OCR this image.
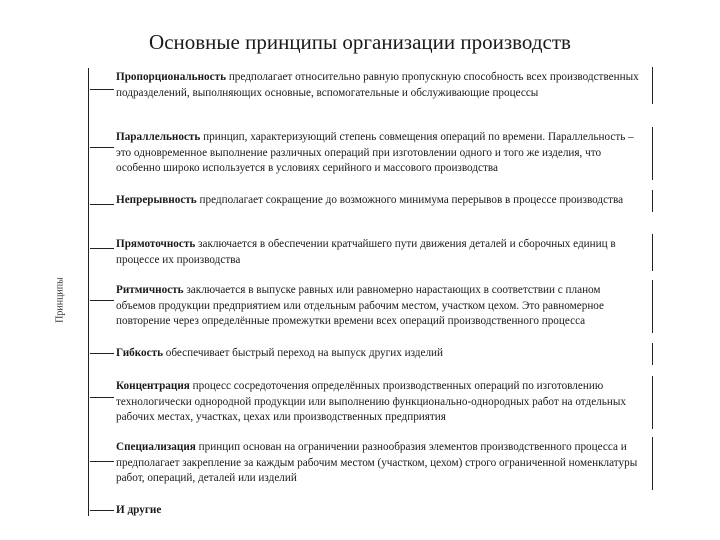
Основные принципы организации производств
Принципы
Пропорциональность предполагает относительно равную пропускную способность всех производственных подразделений, выполняющих основные, вспомогательные и обслуживающие процессы
Параллельность принцип, характеризующий степень совмещения операций по времени. Параллельность – это одновременное выполнение различных операций при изготовлении одного и того же изделия, что особенно широко используется в условиях серийного и массового производства
Непрерывность предполагает сокращение до возможного минимума перерывов в процессе производства
Прямоточность заключается в обеспечении кратчайшего пути движения деталей и сборочных единиц в процессе их производства
Ритмичность заключается в выпуске равных или равномерно нарастающих в соответствии с планом объемов продукции предприятием или отдельным рабочим местом, участком цехом. Это равномерное повторение через определённые промежутки времени всех операций производственного процесса
Гибкость обеспечивает быстрый переход на выпуск других изделий
Концентрация процесс сосредоточения определённых производственных операций по изготовлению технологически однородной продукции или выполнению функционально-однородных работ на отдельных рабочих местах, участках, цехах или производственных предприятия
Специализация принцип основан на ограничении разнообразия элементов производственного процесса и предполагает закрепление за каждым рабочим местом (участком, цехом) строго ограниченной номенклатуры работ, операций, деталей или изделий
И другие
